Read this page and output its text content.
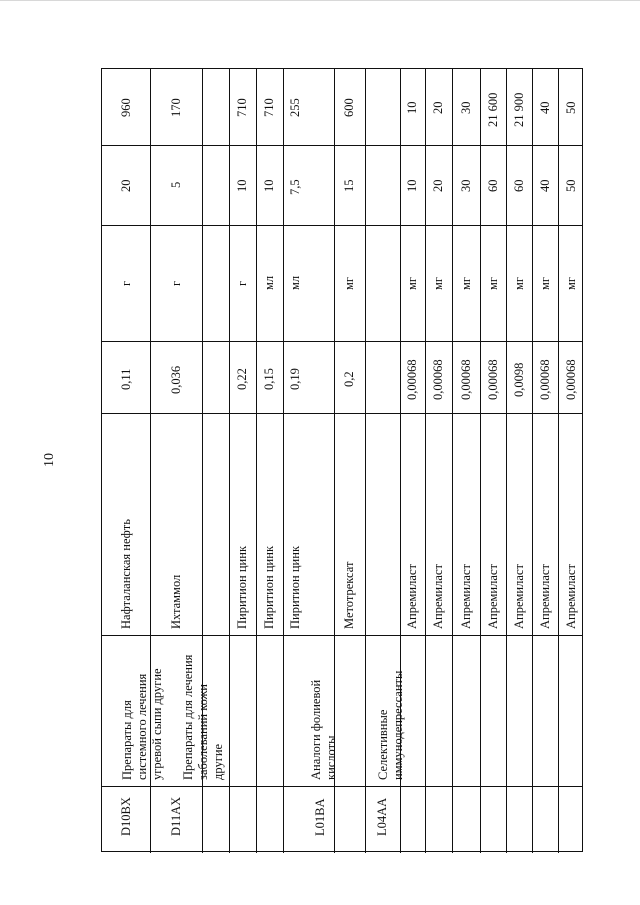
10
D10BX
Препараты для системного лечения угревой сыпи другие
Нафталанская нефть
0,11
г
20
960
D11AX
Препараты для лечения заболеваний кожи другие
Ихтаммол
0,036
г
5
170
Пиритион цинк
0,22
г
10
710
Пиритион цинк
0,15
мл
10
710
Пиритион цинк
0,19
мл
7,5
255
L01BA
Аналоги фолиевой кислоты
Метотрексат
0,2
мг
15
600
L04AA
Селективные иммунодепрессанты
Апремиласт
0,00068
мг
10
10
Апремиласт
0,00068
мг
20
20
Апремиласт
0,00068
мг
30
30
Апремиласт
0,00068
мг
60
21 600
Апремиласт
0,0098
мг
60
21 900
Апремиласт
0,00068
мг
40
40
Апремиласт
0,00068
мг
50
50
